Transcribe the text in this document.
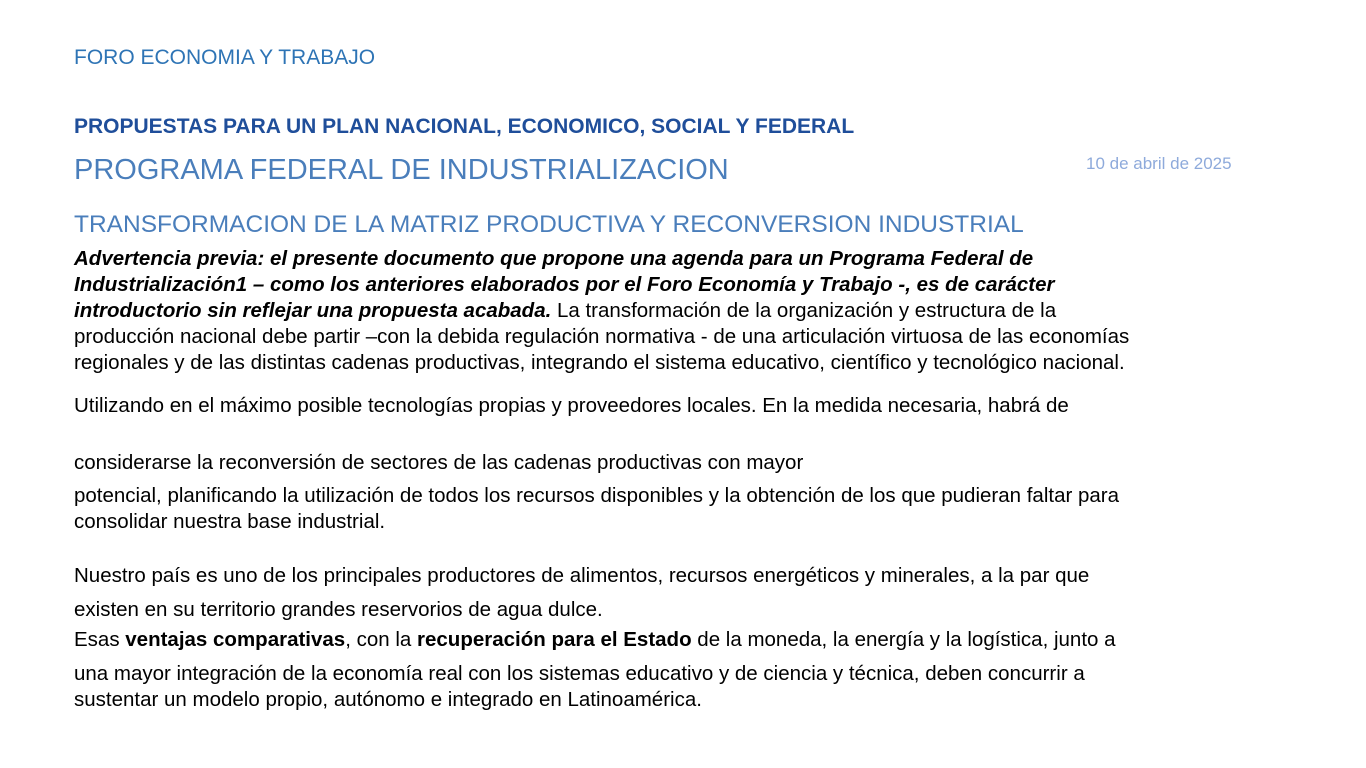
FORO ECONOMIA Y TRABAJO
PROPUESTAS PARA UN PLAN NACIONAL, ECONOMICO, SOCIAL Y FEDERAL
PROGRAMA FEDERAL DE INDUSTRIALIZACION	10 de abril de 2025
TRANSFORMACION DE LA MATRIZ PRODUCTIVA Y RECONVERSION INDUSTRIAL
Advertencia previa: el presente documento que propone una agenda para un Programa Federal de
Industrialización1 – como los anteriores elaborados por el Foro Economía y Trabajo -, es de carácter
introductorio sin reflejar una propuesta acabada. La transformación de la organización y estructura de la
producción nacional debe partir –con la debida regulación normativa - de una articulación virtuosa de las economías
regionales y de las distintas cadenas productivas, integrando el sistema educativo, científico y tecnológico nacional.
Utilizando en el máximo posible tecnologías propias y proveedores locales. En la medida necesaria, habrá de
considerarse la reconversión de sectores de las cadenas productivas con mayor
potencial, planificando la utilización de todos los recursos disponibles y la obtención de los que pudieran faltar para
consolidar nuestra base industrial.
Nuestro país es uno de los principales productores de alimentos, recursos energéticos y minerales, a la par que
existen en su territorio grandes reservorios de agua dulce.
Esas ventajas comparativas, con la recuperación para el Estado de la moneda, la energía y la logística, junto a
una mayor integración de la economía real con los sistemas educativo y de ciencia y técnica, deben concurrir a
sustentar un modelo propio, autónomo e integrado en Latinoamérica.
